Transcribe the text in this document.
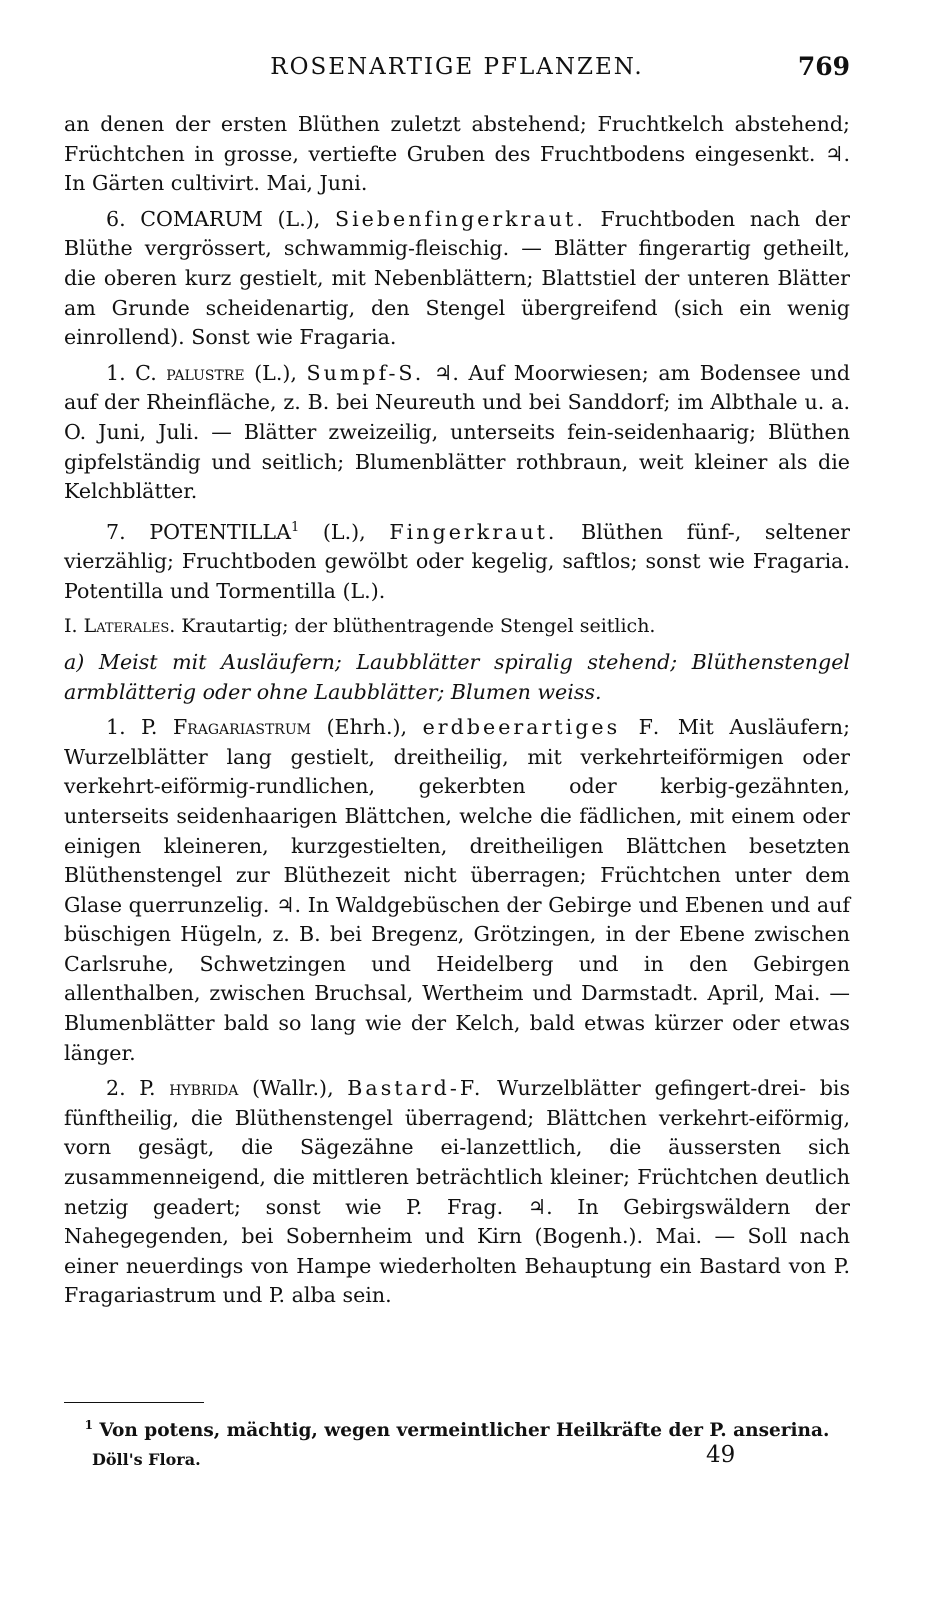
ROSENARTIGE PFLANZEN.	769

an denen der ersten Blüthen zuletzt abstehend; Fruchtkelch abstehend; Früchtchen in grosse, vertiefte Gruben des Fruchtbodens eingesenkt. ♃. In Gärten cultivirt. Mai, Juni.

6. COMARUM (L.), Siebenfingerkraut. Fruchtboden nach der Blüthe vergrössert, schwammig-fleischig. — Blätter fingerartig getheilt, die oberen kurz gestielt, mit Nebenblättern; Blattstiel der unteren Blätter am Grunde scheidenartig, den Stengel übergreifend (sich ein wenig einrollend). Sonst wie Fragaria.

1. C. palustre (L.), Sumpf-S. ♃. Auf Moorwiesen; am Bodensee und auf der Rheinfläche, z. B. bei Neureuth und bei Sanddorf; im Albthale u. a. O. Juni, Juli. — Blätter zweizeilig, unterseits fein-seidenhaarig; Blüthen gipfelständig und seitlich; Blumenblätter rothbraun, weit kleiner als die Kelchblätter.

7. POTENTILLA$^1$ (L.), Fingerkraut. Blüthen fünf-, seltener vierzählig; Fruchtboden gewölbt oder kegelig, saftlos; sonst wie Fragaria. Potentilla und Tormentilla (L.).

I. Laterales. Krautartig; der blüthentragende Stengel seitlich.

a) Meist mit Ausläufern; Laubblätter spiralig stehend; Blüthenstengel armblätterig oder ohne Laubblätter; Blumen weiss.

1. P. Fragariastrum (Ehrh.), erdbeerartiges F. Mit Ausläufern; Wurzelblätter lang gestielt, dreitheilig, mit verkehrteiförmigen oder verkehrt-eiförmig-rundlichen, gekerbten oder kerbig-gezähnten, unterseits seidenhaarigen Blättchen, welche die fädlichen, mit einem oder einigen kleineren, kurzgestielten, dreitheiligen Blättchen besetzten Blüthenstengel zur Blüthezeit nicht überragen; Früchtchen unter dem Glase querrunzelig. ♃. In Waldgebüschen der Gebirge und Ebenen und auf büschigen Hügeln, z. B. bei Bregenz, Grötzingen, in der Ebene zwischen Carlsruhe, Schwetzingen und Heidelberg und in den Gebirgen allenthalben, zwischen Bruchsal, Wertheim und Darmstadt. April, Mai. — Blumenblätter bald so lang wie der Kelch, bald etwas kürzer oder etwas länger.

2. P. hybrida (Wallr.), Bastard-F. Wurzelblätter gefingert-drei- bis fünftheilig, die Blüthenstengel überragend; Blättchen verkehrt-eiförmig, vorn gesägt, die Sägezähne ei-lanzettlich, die äussersten sich zusammenneigend, die mittleren beträchtlich kleiner; Früchtchen deutlich netzig geadert; sonst wie P. Frag. ♃. In Gebirgswäldern der Nahegegenden, bei Sobernheim und Kirn (Bogenh.). Mai. — Soll nach einer neuerdings von Hampe wiederholten Behauptung ein Bastard von P. Fragariastrum und P. alba sein.

$^1$ Von potens, mächtig, wegen vermeintlicher Heilkräfte der P. anserina.
Döll's Flora.	49
